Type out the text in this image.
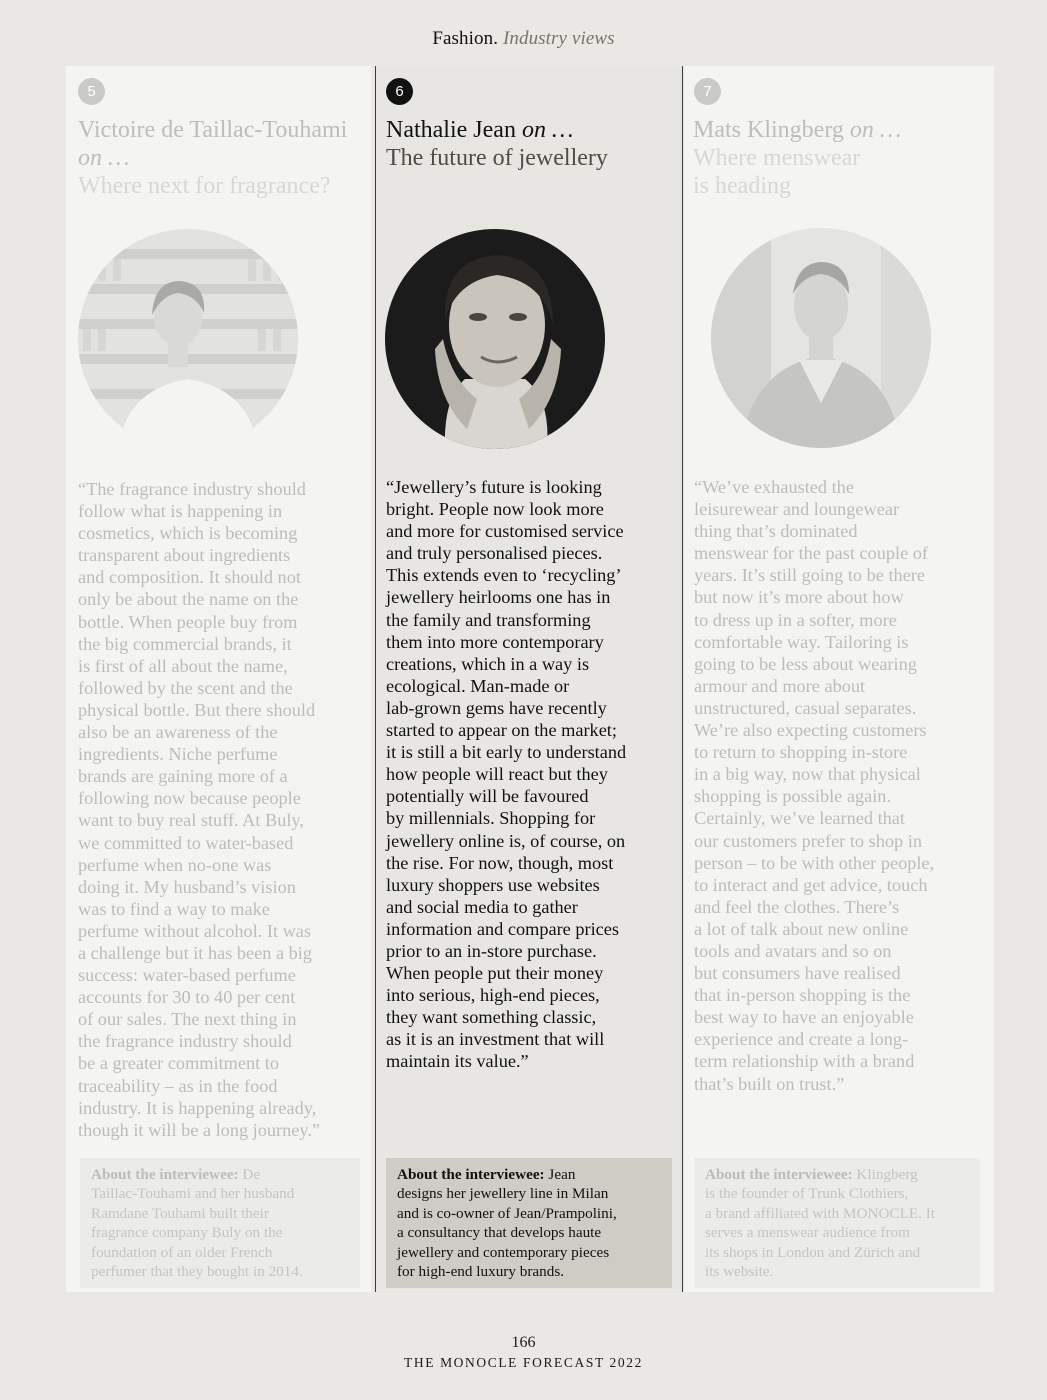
Fashion. Industry views
5
Victoire de Taillac-Touhami on …
Where next for fragrance?
“The fragrance industry should
follow what is happening in
cosmetics, which is becoming
transparent about ingredients
and composition. It should not
only be about the name on the
bottle. When people buy from
the big commercial brands, it
is first of all about the name,
followed by the scent and the
physical bottle. But there should
also be an awareness of the
ingredients. Niche perfume
brands are gaining more of a
following now because people
want to buy real stuff. At Buly,
we committed to water-based
perfume when no-one was
doing it. My husband’s vision
was to find a way to make
perfume without alcohol. It was
a challenge but it has been a big
success: water-based perfume
accounts for 30 to 40 per cent
of our sales. The next thing in
the fragrance industry should
be a greater commitment to
traceability – as in the food
industry. It is happening already,
though it will be a long journey.”
About the interviewee: De
Taillac-Touhami and her husband
Ramdane Touhami built their
fragrance company Buly on the
foundation of an older French
perfumer that they bought in 2014.
6
Nathalie Jean on …
The future of jewellery
“Jewellery’s future is looking
bright. People now look more
and more for customised service
and truly personalised pieces.
This extends even to ‘recycling’
jewellery heirlooms one has in
the family and transforming
them into more contemporary
creations, which in a way is
ecological. Man-made or
lab-grown gems have recently
started to appear on the market;
it is still a bit early to understand
how people will react but they
potentially will be favoured
by millennials. Shopping for
jewellery online is, of course, on
the rise. For now, though, most
luxury shoppers use websites
and social media to gather
information and compare prices
prior to an in-store purchase.
When people put their money
into serious, high-end pieces,
they want something classic,
as it is an investment that will
maintain its value.”
About the interviewee: Jean
designs her jewellery line in Milan
and is co-owner of Jean/Prampolini,
a consultancy that develops haute
jewellery and contemporary pieces
for high-end luxury brands.
7
Mats Klingberg on …
Where menswear
is heading
“We’ve exhausted the
leisurewear and loungewear
thing that’s dominated
menswear for the past couple of
years. It’s still going to be there
but now it’s more about how
to dress up in a softer, more
comfortable way. Tailoring is
going to be less about wearing
armour and more about
unstructured, casual separates.
We’re also expecting customers
to return to shopping in-store
in a big way, now that physical
shopping is possible again.
Certainly, we’ve learned that
our customers prefer to shop in
person – to be with other people,
to interact and get advice, touch
and feel the clothes. There’s
a lot of talk about new online
tools and avatars and so on
but consumers have realised
that in-person shopping is the
best way to have an enjoyable
experience and create a long-
term relationship with a brand
that’s built on trust.”
About the interviewee: Klingberg
is the founder of Trunk Clothiers,
a brand affiliated with MONOCLE. It
serves a menswear audience from
its shops in London and Zürich and
its website.
166
THE MONOCLE FORECAST 2022
